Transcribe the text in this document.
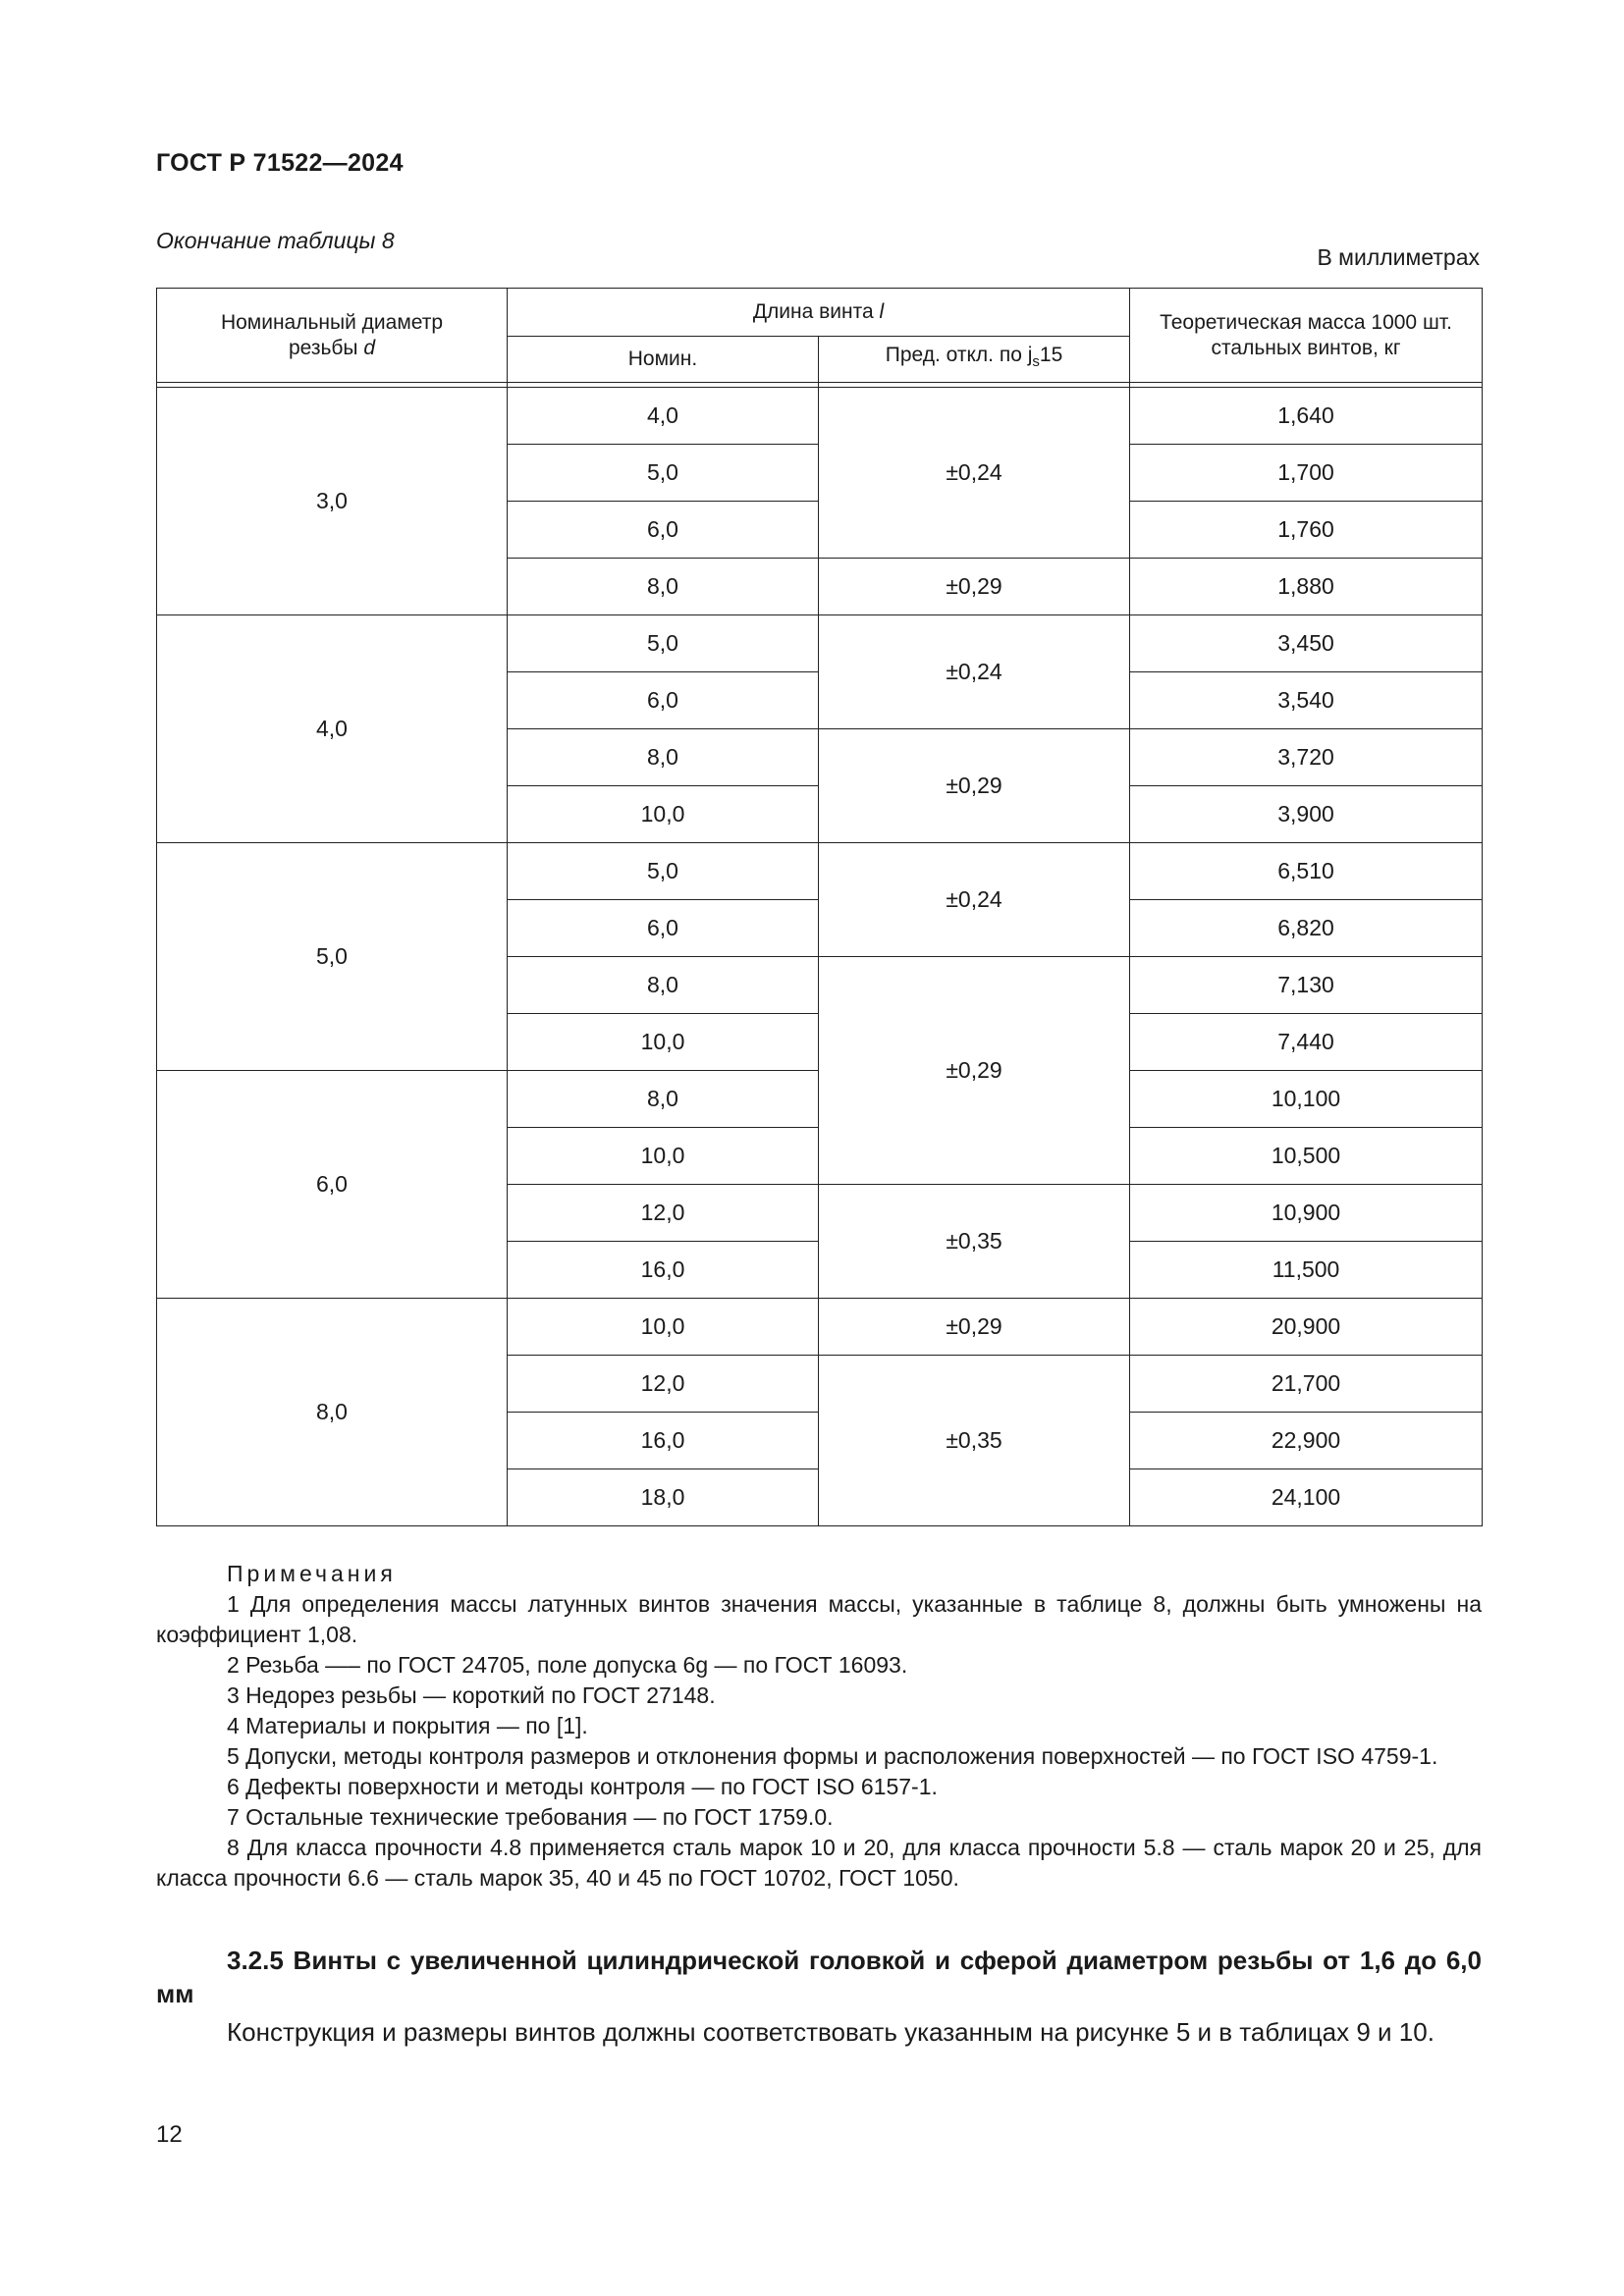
ГОСТ Р 71522—2024
Окончание таблицы 8
В миллиметрах
Номинальный диаметр
резьбы d	Длина винта l		Теоретическая масса 1000 шт.
стальных винтов, кг
	Номин.	Пред. откл. по $j_s15$	

3,0	4,0	±0,24	1,640
	5,0		1,700
	6,0		1,760
	8,0	±0,29	1,880
4,0	5,0	±0,24	3,450
	6,0		3,540
	8,0	±0,29	3,720
	10,0		3,900
5,0	5,0	±0,24	6,510
	6,0		6,820
	8,0	±0,29	7,130
	10,0		7,440
6,0	8,0		10,100
	10,0		10,500
	12,0	±0,35	10,900
	16,0		11,500
8,0	10,0	±0,29	20,900
	12,0	±0,35	21,700
	16,0		22,900
	18,0		24,100
Примечания
1 Для определения массы латунных винтов значения массы, указанные в таблице 8, должны быть умножены на коэффициент 1,08.
2 Резьба —– по ГОСТ 24705, поле допуска 6g — по ГОСТ 16093.
3 Недорез резьбы — короткий по ГОСТ 27148.
4 Материалы и покрытия — по [1].
5 Допуски, методы контроля размеров и отклонения формы и расположения поверхностей — по ГОСТ ISO 4759-1.
6 Дефекты поверхности и методы контроля — по ГОСТ ISO 6157-1.
7 Остальные технические требования — по ГОСТ 1759.0.
8 Для класса прочности 4.8 применяется сталь марок 10 и 20, для класса прочности 5.8 — сталь марок 20 и 25, для класса прочности 6.6 — сталь марок 35, 40 и 45 по ГОСТ 10702, ГОСТ 1050.
3.2.5 Винты с увеличенной цилиндрической головкой и сферой диаметром резьбы от 1,6 до 6,0 мм
Конструкция и размеры винтов должны соответствовать указанным на рисунке 5 и в таблицах 9 и 10.
12
